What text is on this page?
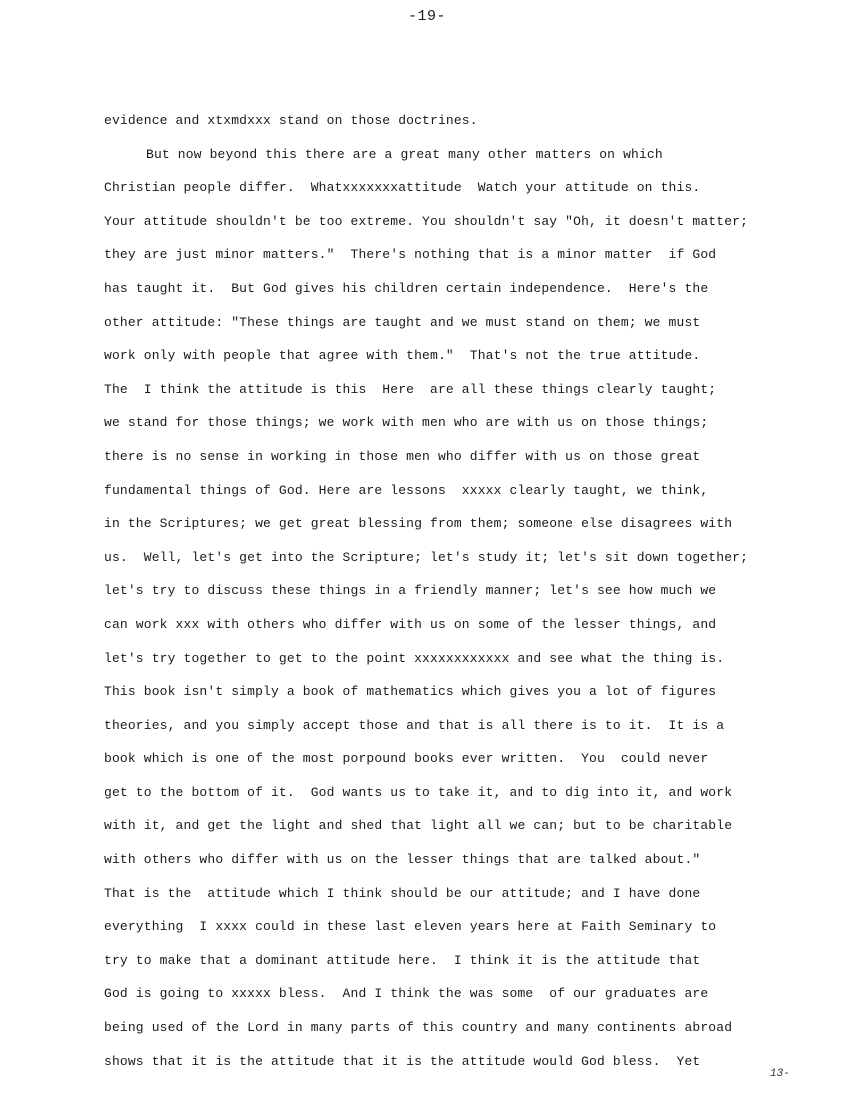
-19-
evidence and xtxmdxxx stand on those doctrines.
But now beyond this there are a great many other matters on which
Christian people differ.  Whatxxxxxxxattitude  Watch your attitude on this.
Your attitude shouldn't be too extreme. You shouldn't say "Oh, it doesn't matter;
they are just minor matters."  There's nothing that is a minor matter  if God
has taught it.  But God gives his children certain independence.  Here's the
other attitude: "These things are taught and we must stand on them; we must
work only with people that agree with them."  That's not the true attitude.
The  I think the attitude is this  Here  are all these things clearly taught;
we stand for those things; we work with men who are with us on those things;
there is no sense in working in those men who differ with us on those great
fundamental things of God. Here are lessons  xxxxx clearly taught, we think,
in the Scriptures; we get great blessing from them; someone else disagrees with
us.  Well, let's get into the Scripture; let's study it; let's sit down together;
let's try to discuss these things in a friendly manner; let's see how much we
can work xxx with others who differ with us on some of the lesser things, and
let's try together to get to the point xxxxxxxxxxxx and see what the thing is.
This book isn't simply a book of mathematics which gives you a lot of figures
theories, and you simply accept those and that is all there is to it.  It is a
book which is one of the most porpound books ever written.  You  could never
get to the bottom of it.  God wants us to take it, and to dig into it, and work
with it, and get the light and shed that light all we can; but to be charitable
with others who differ with us on the lesser things that are talked about."
That is the  attitude which I think should be our attitude; and I have done
everything  I xxxx could in these last eleven years here at Faith Seminary to
try to make that a dominant attitude here.  I think it is the attitude that
God is going to xxxxx bless.  And I think the was some  of our graduates are
being used of the Lord in many parts of this country and many continents abroad
shows that it is the attitude that it is the attitude would God bless.  Yet
13-
